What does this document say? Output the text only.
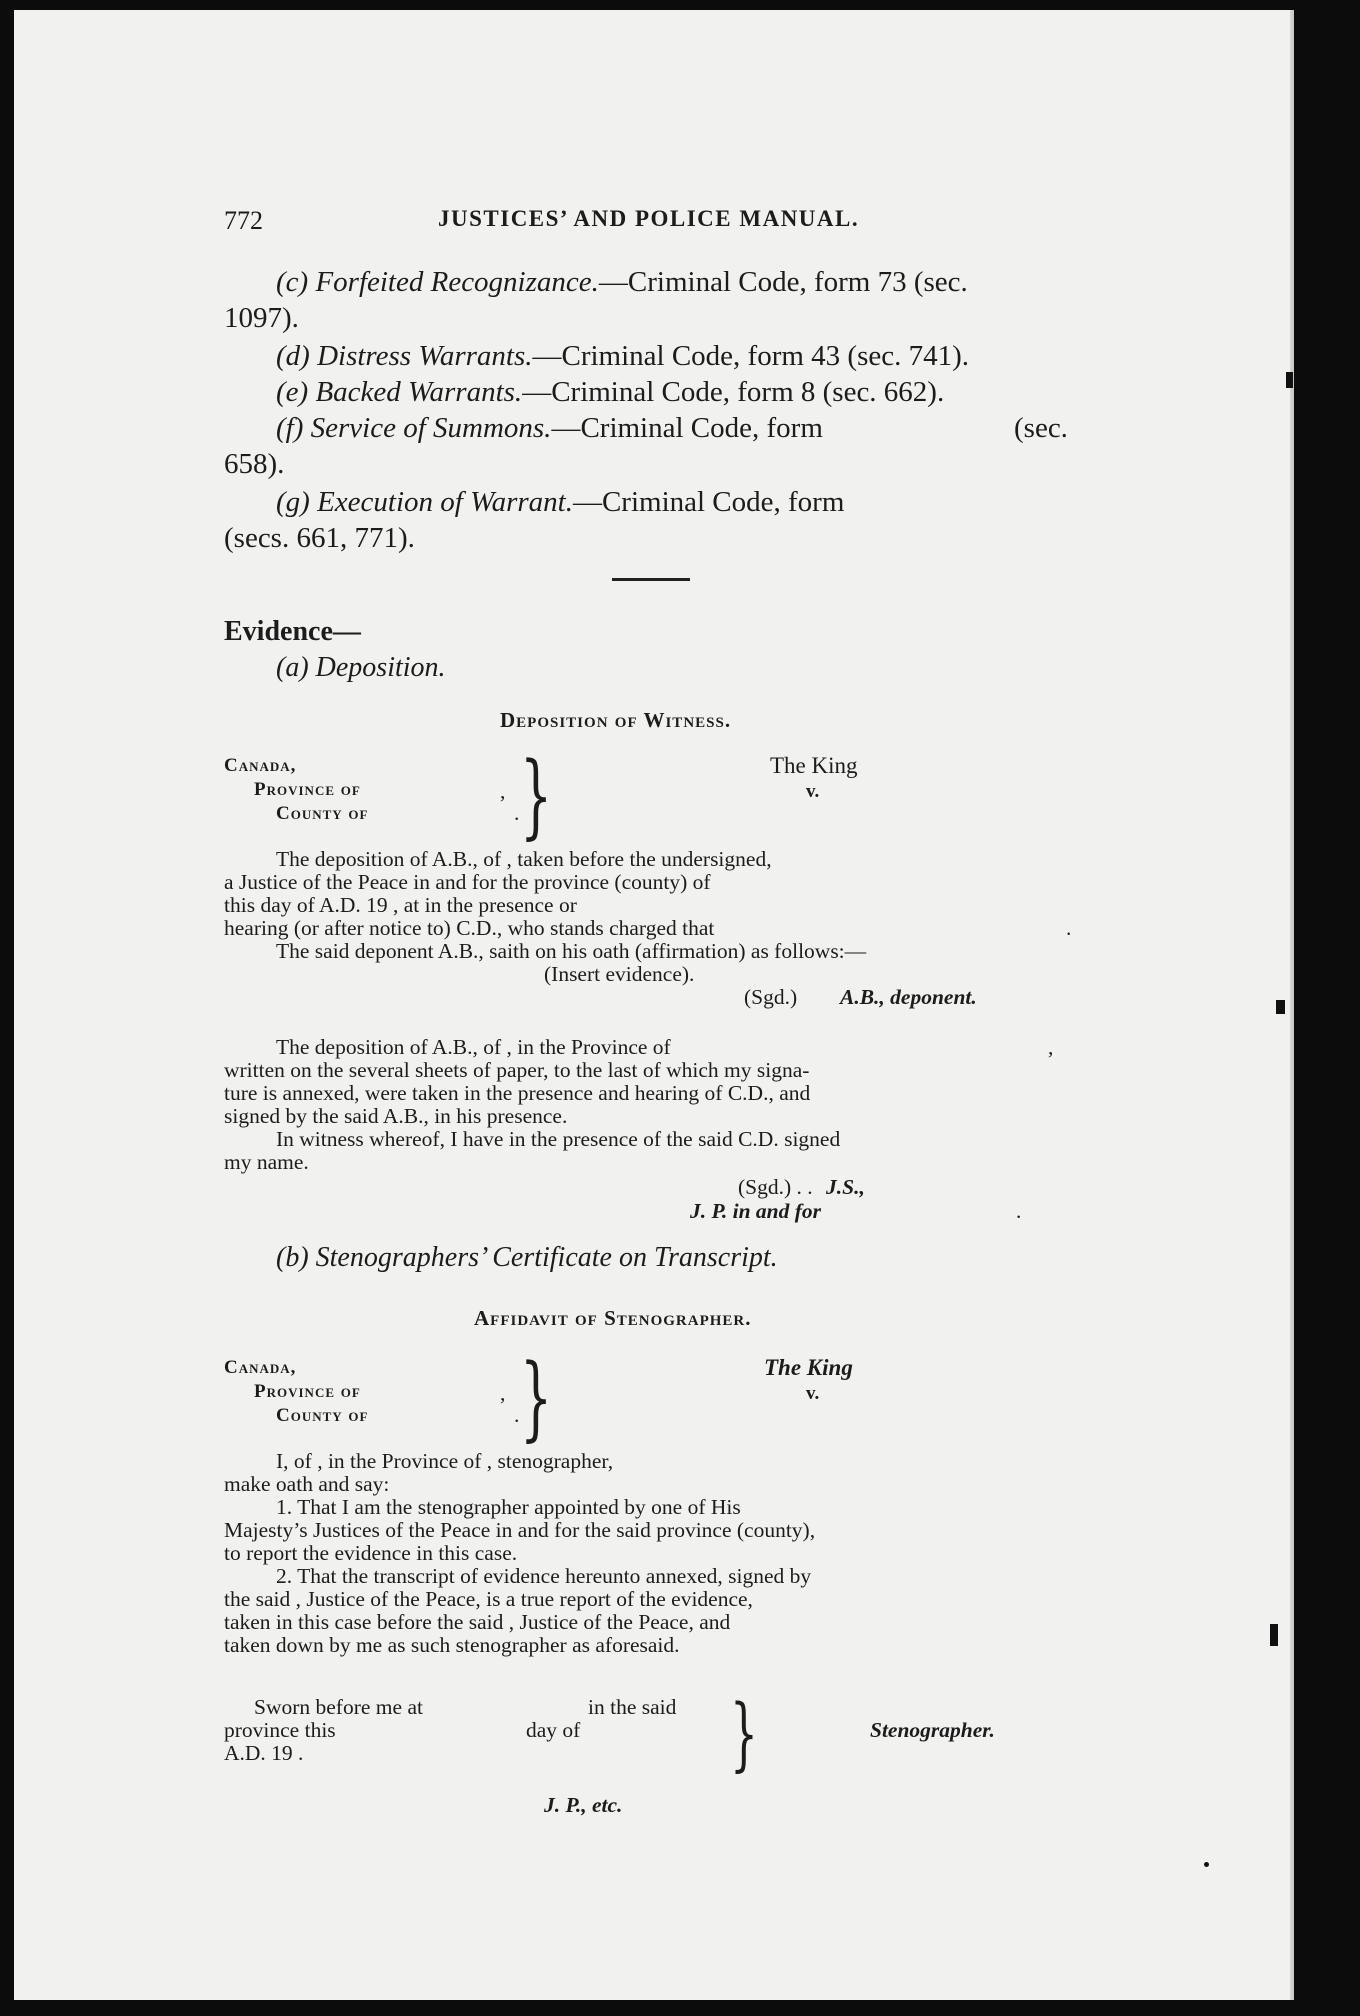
772	JUSTICES’ AND POLICE MANUAL.
(c) Forfeited Recognizance.—Criminal Code, form 73 (sec.
1097).
(d) Distress Warrants.—Criminal Code, form 43 (sec. 741).
(e) Backed Warrants.—Criminal Code, form 8 (sec. 662).
(f) Service of Summons.—Criminal Code, form	(sec.
658).
(g) Execution of Warrant.—Criminal Code, form
(secs. 661, 771).
Evidence—
(a) Deposition.
Deposition of Witness.
Canada,
Province of
County of
,
. }	The King
v.
The deposition of A.B., of , taken before the undersigned,
a Justice of the Peace in and for the province (county) of
this day of A.D. 19 , at in the presence or
hearing (or after notice to) C.D., who stands charged that	.
The said deponent A.B., saith on his oath (affirmation) as follows:—
(Insert evidence).
(Sgd.) A.B., deponent.
The deposition of A.B., of , in the Province of	,
written on the several sheets of paper, to the last of which my signa-
ture is annexed, were taken in the presence and hearing of C.D., and
signed by the said A.B., in his presence.
In witness whereof, I have in the presence of the said C.D. signed
my name.
(Sgd.) . . J.S.,
J. P. in and for	.
(b) Stenographers’ Certificate on Transcript.
Affidavit of Stenographer.
Canada,
Province of
County of
,
. }	The King
v.
I, of , in the Province of , stenographer,
make oath and say:
1. That I am the stenographer appointed by one of His
Majesty’s Justices of the Peace in and for the said province (county),
to report the evidence in this case.
2. That the transcript of evidence hereunto annexed, signed by
the said , Justice of the Peace, is a true report of the evidence,
taken in this case before the said , Justice of the Peace, and
taken down by me as such stenographer as aforesaid.
Sworn before me at	in the said
province this	day of
A.D. 19 .	}	Stenographer.
J. P., etc.
